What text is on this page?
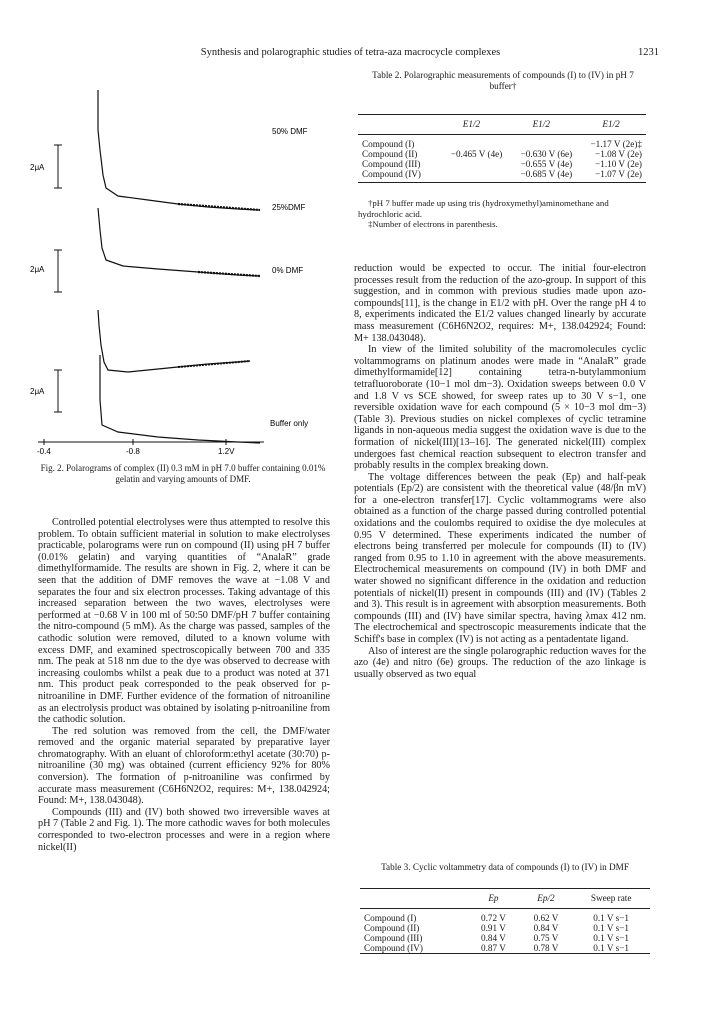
Synthesis and polarographic studies of tetra-aza macrocycle complexes	1231
2μA
2μA
2μA
50% DMF
25%DMF
0% DMF
Buffer only
-0.4	-0.8	1.2V
Fig. 2. Polarograms of complex (II) 0.3 mM in pH 7.0 buffer containing 0.01% gelatin and varying amounts of DMF.
Table 2. Polarographic measurements of compounds (I) to (IV) in pH 7 buffer†
	E1/2	E1/2	E1/2
Compound (I)			−1.17 V (2e)‡
Compound (II)	−0.465 V (4e)	−0.630 V (6e)	−1.08 V (2e)
Compound (III)		−0.655 V (4e)	−1.10 V (2e)
Compound (IV)		−0.685 V (4e)	−1.07 V (2e)

†pH 7 buffer made up using tris (hydroxymethyl)aminomethane and hydrochloric acid.

‡Number of electrons in parenthesis.

Controlled potential electrolyses were thus attempted to resolve this problem. To obtain sufficient material in solution to make electrolyses practicable, polarograms were run on compound (II) using pH 7 buffer (0.01% gelatin) and varying quantities of “AnalaR” grade dimethylformamide. The results are shown in Fig. 2, where it can be seen that the addition of DMF removes the wave at −1.08 V and separates the four and six electron processes. Taking advantage of this increased separation between the two waves, electrolyses were performed at −0.68 V in 100 ml of 50:50 DMF/pH 7 buffer containing the nitro-compound (5 mM). As the charge was passed, samples of the cathodic solution were removed, diluted to a known volume with excess DMF, and examined spectroscopically between 700 and 335 nm. The peak at 518 nm due to the dye was observed to decrease with increasing coulombs whilst a peak due to a product was noted at 371 nm. This product peak corresponded to the peak observed for p-nitroaniline in DMF. Further evidence of the formation of nitroaniline as an electrolysis product was obtained by isolating p-nitroaniline from the cathodic solution.

The red solution was removed from the cell, the DMF/water removed and the organic material separated by preparative layer chromatography. With an eluant of chloroform:ethyl acetate (30:70) p-nitroaniline (30 mg) was obtained (current efficiency 92% for 80% conversion). The formation of p-nitroaniline was confirmed by accurate mass measurement (C6H6N2O2, requires: M+, 138.042924; Found: M+, 138.043048).

Compounds (III) and (IV) both showed two irreversible waves at pH 7 (Table 2 and Fig. 1). The more cathodic waves for both molecules corresponded to two-electron processes and were in a region where nickel(II)

reduction would be expected to occur. The initial four-electron processes result from the reduction of the azo-group. In support of this suggestion, and in common with previous studies made upon azo-compounds[11], is the change in E1/2 with pH. Over the range pH 4 to 8, experiments indicated the E1/2 values changed linearly by accurate mass measurement (C6H6N2O2, requires: M+, 138.042924; Found: M+ 138.043048).

In view of the limited solubility of the macromolecules cyclic voltammograms on platinum anodes were made in “AnalaR” grade dimethylformamide[12] containing tetra-n-butylammonium tetrafluoroborate (10−1 mol dm−3). Oxidation sweeps between 0.0 V and 1.8 V vs SCE showed, for sweep rates up to 30 V s−1, one reversible oxidation wave for each compound (5 × 10−3 mol dm−3) (Table 3). Previous studies on nickel complexes of cyclic tetramine ligands in non-aqueous media suggest the oxidation wave is due to the formation of nickel(III)[13–16]. The generated nickel(III) complex undergoes fast chemical reaction subsequent to electron transfer and probably results in the complex breaking down.

The voltage differences between the peak (Ep) and half-peak potentials (Ep/2) are consistent with the theoretical value (48/βn mV) for a one-electron transfer[17]. Cyclic voltammograms were also obtained as a function of the charge passed during controlled potential oxidations and the coulombs required to oxidise the dye molecules at 0.95 V determined. These experiments indicated the number of electrons being transferred per molecule for compounds (II) to (IV) ranged from 0.95 to 1.10 in agreement with the above measurements. Electrochemical measurements on compound (IV) in both DMF and water showed no significant difference in the oxidation and reduction potentials of nickel(II) present in compounds (III) and (IV) (Tables 2 and 3). This result is in agreement with absorption measurements. Both compounds (III) and (IV) have similar spectra, having λmax 412 nm. The electrochemical and spectroscopic measurements indicate that the Schiff's base in complex (IV) is not acting as a pentadentate ligand.

Also of interest are the single polarographic reduction waves for the azo (4e) and nitro (6e) groups. The reduction of the azo linkage is usually observed as two equal

Table 3. Cyclic voltammetry data of compounds (I) to (IV) in DMF
	Ep	Ep/2	Sweep rate
Compound (I)	0.72 V	0.62 V	0.1 V s−1
Compound (II)	0.91 V	0.84 V	0.1 V s−1
Compound (III)	0.84 V	0.75 V	0.1 V s−1
Compound (IV)	0.87 V	0.78 V	0.1 V s−1
